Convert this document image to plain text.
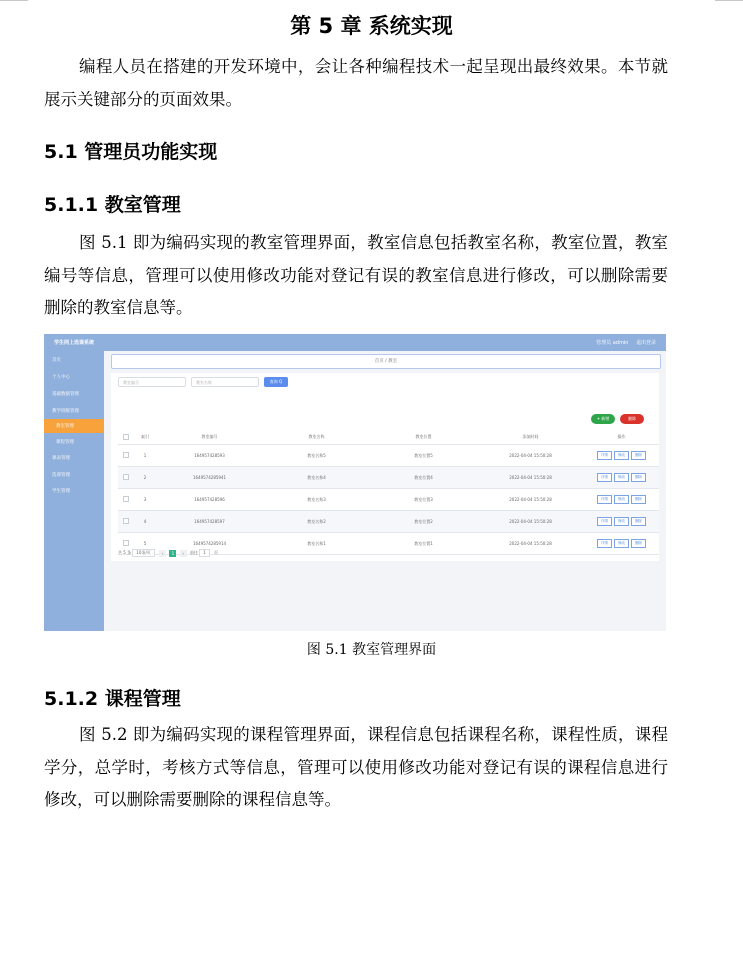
第 5 章 系统实现

编程人员在搭建的开发环境中，会让各种编程技术一起呈现出最终效果。本节就展示关键部分的页面效果。

5.1 管理员功能实现
5.1.1 教室管理

图 5.1 即为编码实现的教室管理界面，教室信息包括教室名称，教室位置，教室编号等信息，管理可以使用修改功能对登记有误的教室信息进行修改，可以删除需要删除的教室信息等。

学生网上选课系统	管理员 admin 退出登录
首页
个人中心
基础数据管理
教学班级管理
教室管理
课程管理
课表管理
选课管理
学生管理
首页 / 教室
教室编号	教室名称	查询 Q
+ 新增	删除
	索引	教室编号	教室名称	教室位置	添加时间	操作
	1	164957428593	教室名称5	教室位置5	2022-04-04 15:50:28	详情 修改 删除
	2	1649574285941	教室名称4	教室位置4	2022-04-04 15:50:28	详情 修改 删除
	3	164957428596	教室名称3	教室位置3	2022-04-04 15:50:28	详情 修改 删除
	4	164957428597	教室名称2	教室位置2	2022-04-04 15:50:28	详情 修改 删除
	5	1649574285914	教室名称1	教室位置1	2022-04-04 15:50:28	详情 修改 删除
共 5 条 10条/页	‹ 1 › 前往 1 页
图 5.1 教室管理界面
5.1.2 课程管理

图 5.2 即为编码实现的课程管理界面，课程信息包括课程名称，课程性质，课程学分，总学时，考核方式等信息，管理可以使用修改功能对登记有误的课程信息进行修改，可以删除需要删除的课程信息等。
